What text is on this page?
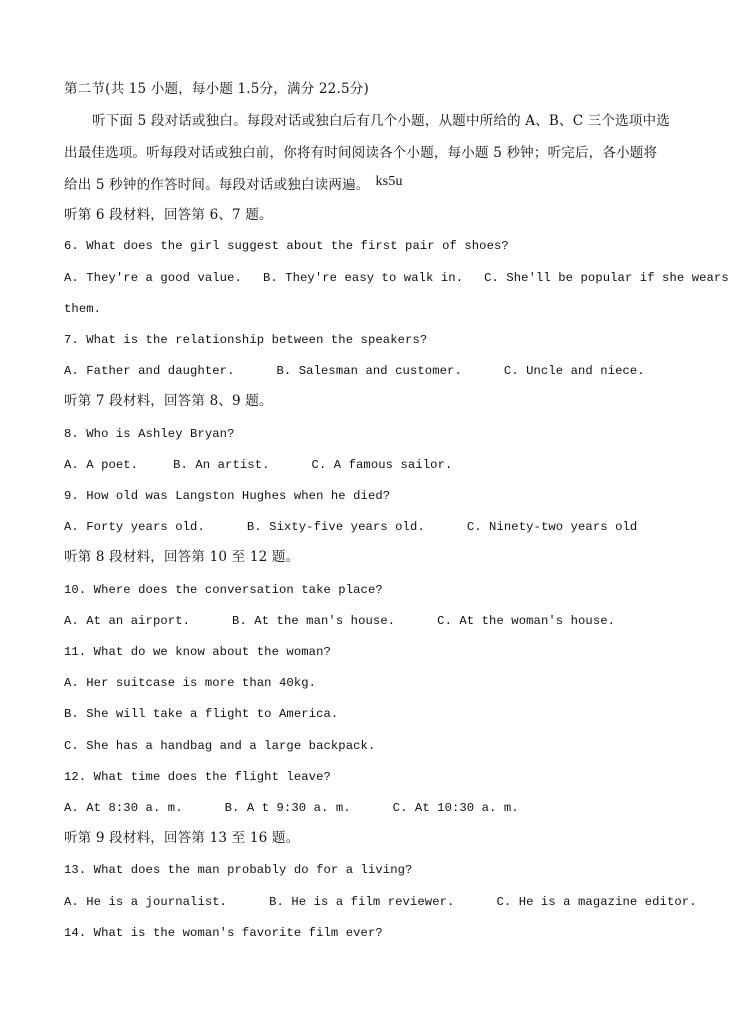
第二节(共 15 小题，每小题 1.5分，满分 22.5分)
听下面 5 段对话或独白。每段对话或独白后有几个小题，从题中所给的 A、B、C 三个选项中选
出最佳选项。听每段对话或独白前，你将有时间阅读各个小题，每小题 5 秒钟；听完后，各小题将
给出 5 秒钟的作答时间。每段对话或独白读两遍。 ks5u
听第 6 段材料，回答第 6、7 题。
6. What does the girl suggest about the first pair of shoes?
A. They're a good value. B. They're easy to walk in. C. She'll be popular if she wears
them.
7. What is the relationship between the speakers?
A. Father and daughter.	B. Salesman and customer.	C. Uncle and niece.
听第 7 段材料，回答第 8、9 题。
8. Who is Ashley Bryan?
A. A poet.	B. An artist.	C. A famous sailor.
9. How old was Langston Hughes when he died?
A. Forty years old.	B. Sixty-five years old.	C. Ninety-two years old
听第 8 段材料，回答第 10 至 12 题。
10. Where does the conversation take place?
A. At an airport.	B. At the man's house.	C. At the woman's house.
11. What do we know about the woman?
A. Her suitcase is more than 40kg.
B. She will take a flight to America.
C. She has a handbag and a large backpack.
12. What time does the flight leave?
A. At 8:30 a. m.	B. A t 9:30 a. m.	C. At 10:30 a. m.
听第 9 段材料，回答第 13 至 16 题。
13. What does the man probably do for a living?
A. He is a journalist.	B. He is a film reviewer.	C. He is a magazine editor.
14. What is the woman's favorite film ever?
